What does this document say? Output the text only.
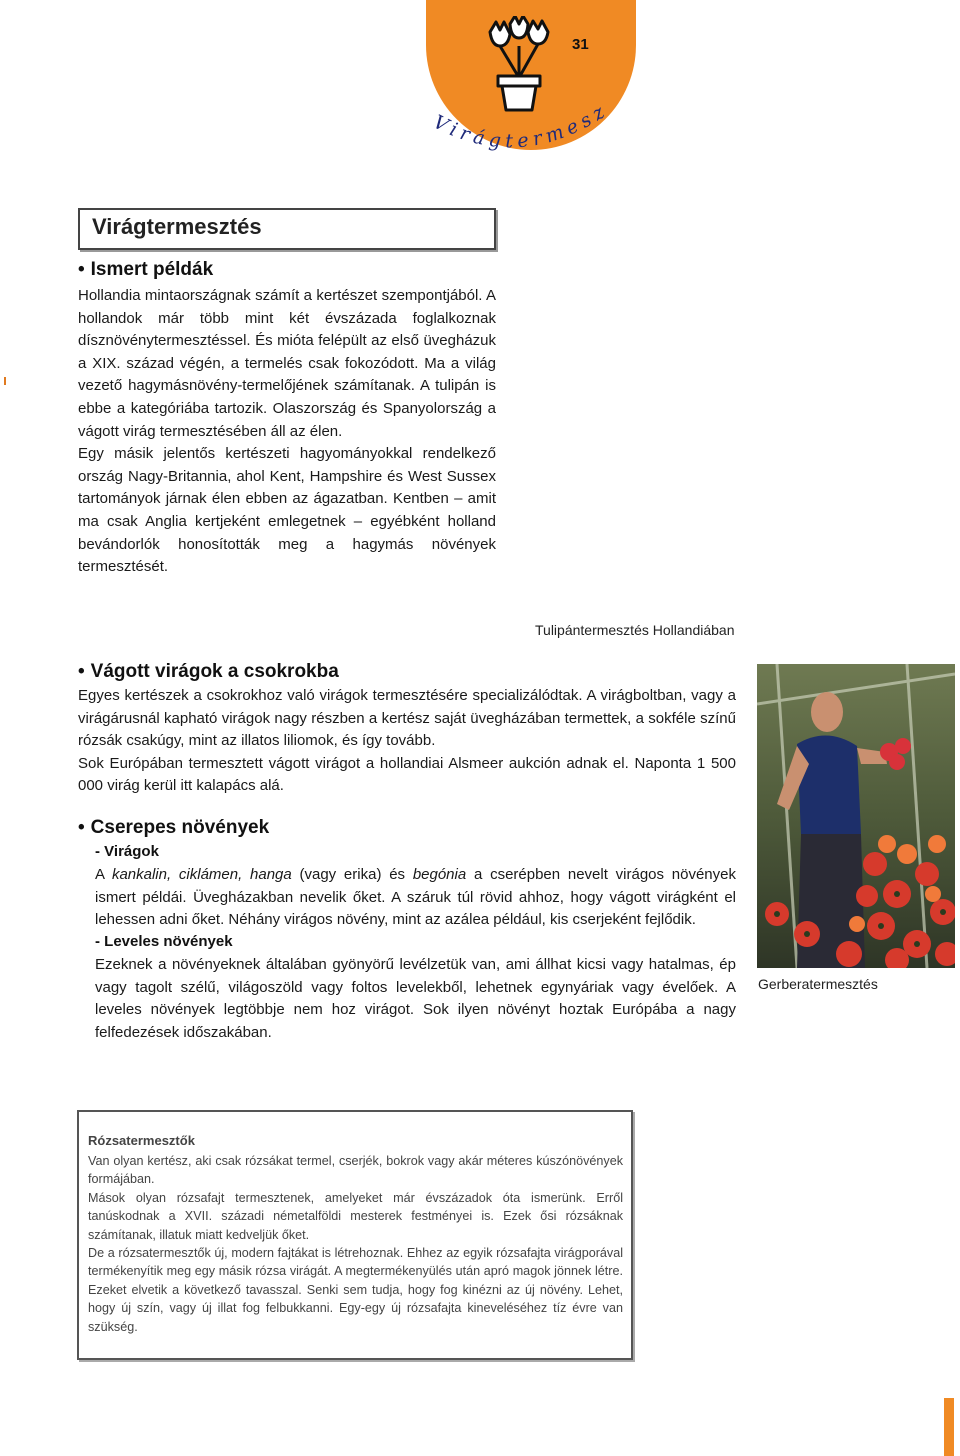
31
Virágtermesztés
Virágtermesztés
• Ismert példák

Hollandia mintaországnak számít a kertészet szempontjából. A hollandok már több mint két évszázada foglalkoznak dísznövénytermesztéssel. És mióta felépült az első üvegházuk a XIX. század végén, a termelés csak fokozódott. Ma a világ vezető hagymásnövény-termelőjének számítanak. A tulipán is ebbe a kategóriába tartozik. Olaszország és Spanyolország a vágott virág termesztésében áll az élen.

Egy másik jelentős kertészeti hagyományokkal rendelkező ország Nagy-Britannia, ahol Kent, Hampshire és West Sussex tartományok járnak élen ebben az ágazatban. Kentben – amit ma csak Anglia kertjeként emlegetnek – egyébként holland bevándorlók honosították meg a hagymás növények termesztését.

Tulipántermesztés Hollandiában
• Vágott virágok a csokrokba

Egyes kertészek a csokrokhoz való virágok termesztésére specializálódtak. A virágboltban, vagy a virágárusnál kapható virágok nagy részben a kertész saját üvegházában termettek, a sokféle színű rózsák csakúgy, mint az illatos liliomok, és így tovább.

Sok Európában termesztett vágott virágot a hollandiai Alsmeer aukción adnak el. Naponta 1 500 000 virág kerül itt kalapács alá.

Gerberatermesztés
• Cserepes növények
- Virágok

A kankalin, ciklámen, hanga (vagy erika) és begónia a cserépben nevelt virágos növények ismert példái. Üvegházakban nevelik őket. A száruk túl rövid ahhoz, hogy vágott virágként el lehessen adni őket. Néhány virágos növény, mint az azálea például, kis cserjeként fejlődik.

- Leveles növények

Ezeknek a növényeknek általában gyönyörű levélzetük van, ami állhat kicsi vagy hatalmas, ép vagy tagolt szélű, világoszöld vagy foltos levelekből, lehetnek egynyáriak vagy évelőek. A leveles növények legtöbbje nem hoz virágot. Sok ilyen növényt hoztak Európába a nagy felfedezések időszakában.

Rózsatermesztők

Van olyan kertész, aki csak rózsákat termel, cserjék, bokrok vagy akár méteres kúszónövények formájában.

Mások olyan rózsafajt termesztenek, amelyeket már évszázadok óta ismerünk. Erről tanúskodnak a XVII. századi németalföldi mesterek festményei is. Ezek ősi rózsáknak számítanak, illatuk miatt kedveljük őket.

De a rózsatermesztők új, modern fajtákat is létrehoznak. Ehhez az egyik rózsafajta virágporával termékenyítik meg egy másik rózsa virágát. A megtermékenyülés után apró magok jönnek létre. Ezeket elvetik a következő tavasszal. Senki sem tudja, hogy fog kinézni az új növény. Lehet, hogy új szín, vagy új illat fog felbukkanni. Egy-egy új rózsafajta kineveléséhez tíz évre van szükség.
